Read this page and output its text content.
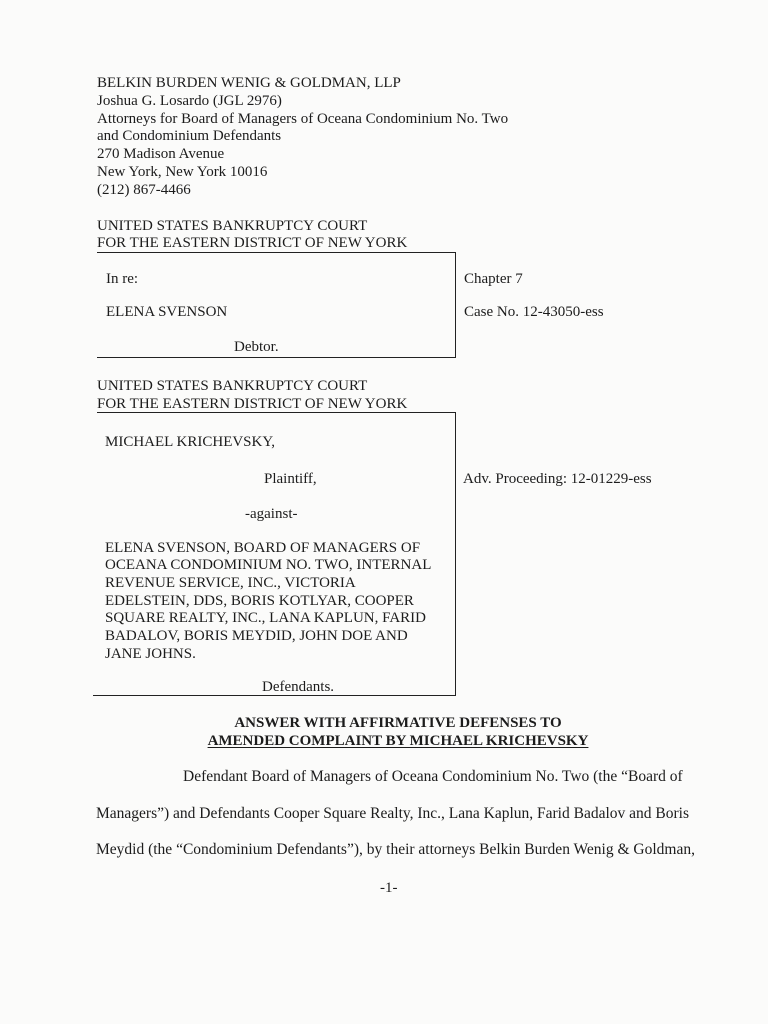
BELKIN BURDEN WENIG & GOLDMAN, LLP
Joshua G. Losardo (JGL 2976)
Attorneys for Board of Managers of Oceana Condominium No. Two
and Condominium Defendants
270 Madison Avenue
New York, New York 10016
(212) 867-4466
UNITED STATES BANKRUPTCY COURT
FOR THE EASTERN DISTRICT OF NEW YORK
In re:
ELENA SVENSON
Debtor.
Chapter 7
Case No. 12-43050-ess
UNITED STATES BANKRUPTCY COURT
FOR THE EASTERN DISTRICT OF NEW YORK
MICHAEL KRICHEVSKY,
Plaintiff,
-against-
ELENA SVENSON, BOARD OF MANAGERS OF
OCEANA CONDOMINIUM NO. TWO, INTERNAL
REVENUE SERVICE, INC., VICTORIA
EDELSTEIN, DDS, BORIS KOTLYAR, COOPER
SQUARE REALTY, INC., LANA KAPLUN, FARID
BADALOV, BORIS MEYDID, JOHN DOE AND
JANE JOHNS.
Defendants.
Adv. Proceeding: 12-01229-ess
ANSWER WITH AFFIRMATIVE DEFENSES TO
AMENDED COMPLAINT BY MICHAEL KRICHEVSKY
Defendant Board of Managers of Oceana Condominium No. Two (the “Board of
Managers”) and Defendants Cooper Square Realty, Inc., Lana Kaplun, Farid Badalov and Boris
Meydid (the “Condominium Defendants”), by their attorneys Belkin Burden Wenig & Goldman,
-1-
